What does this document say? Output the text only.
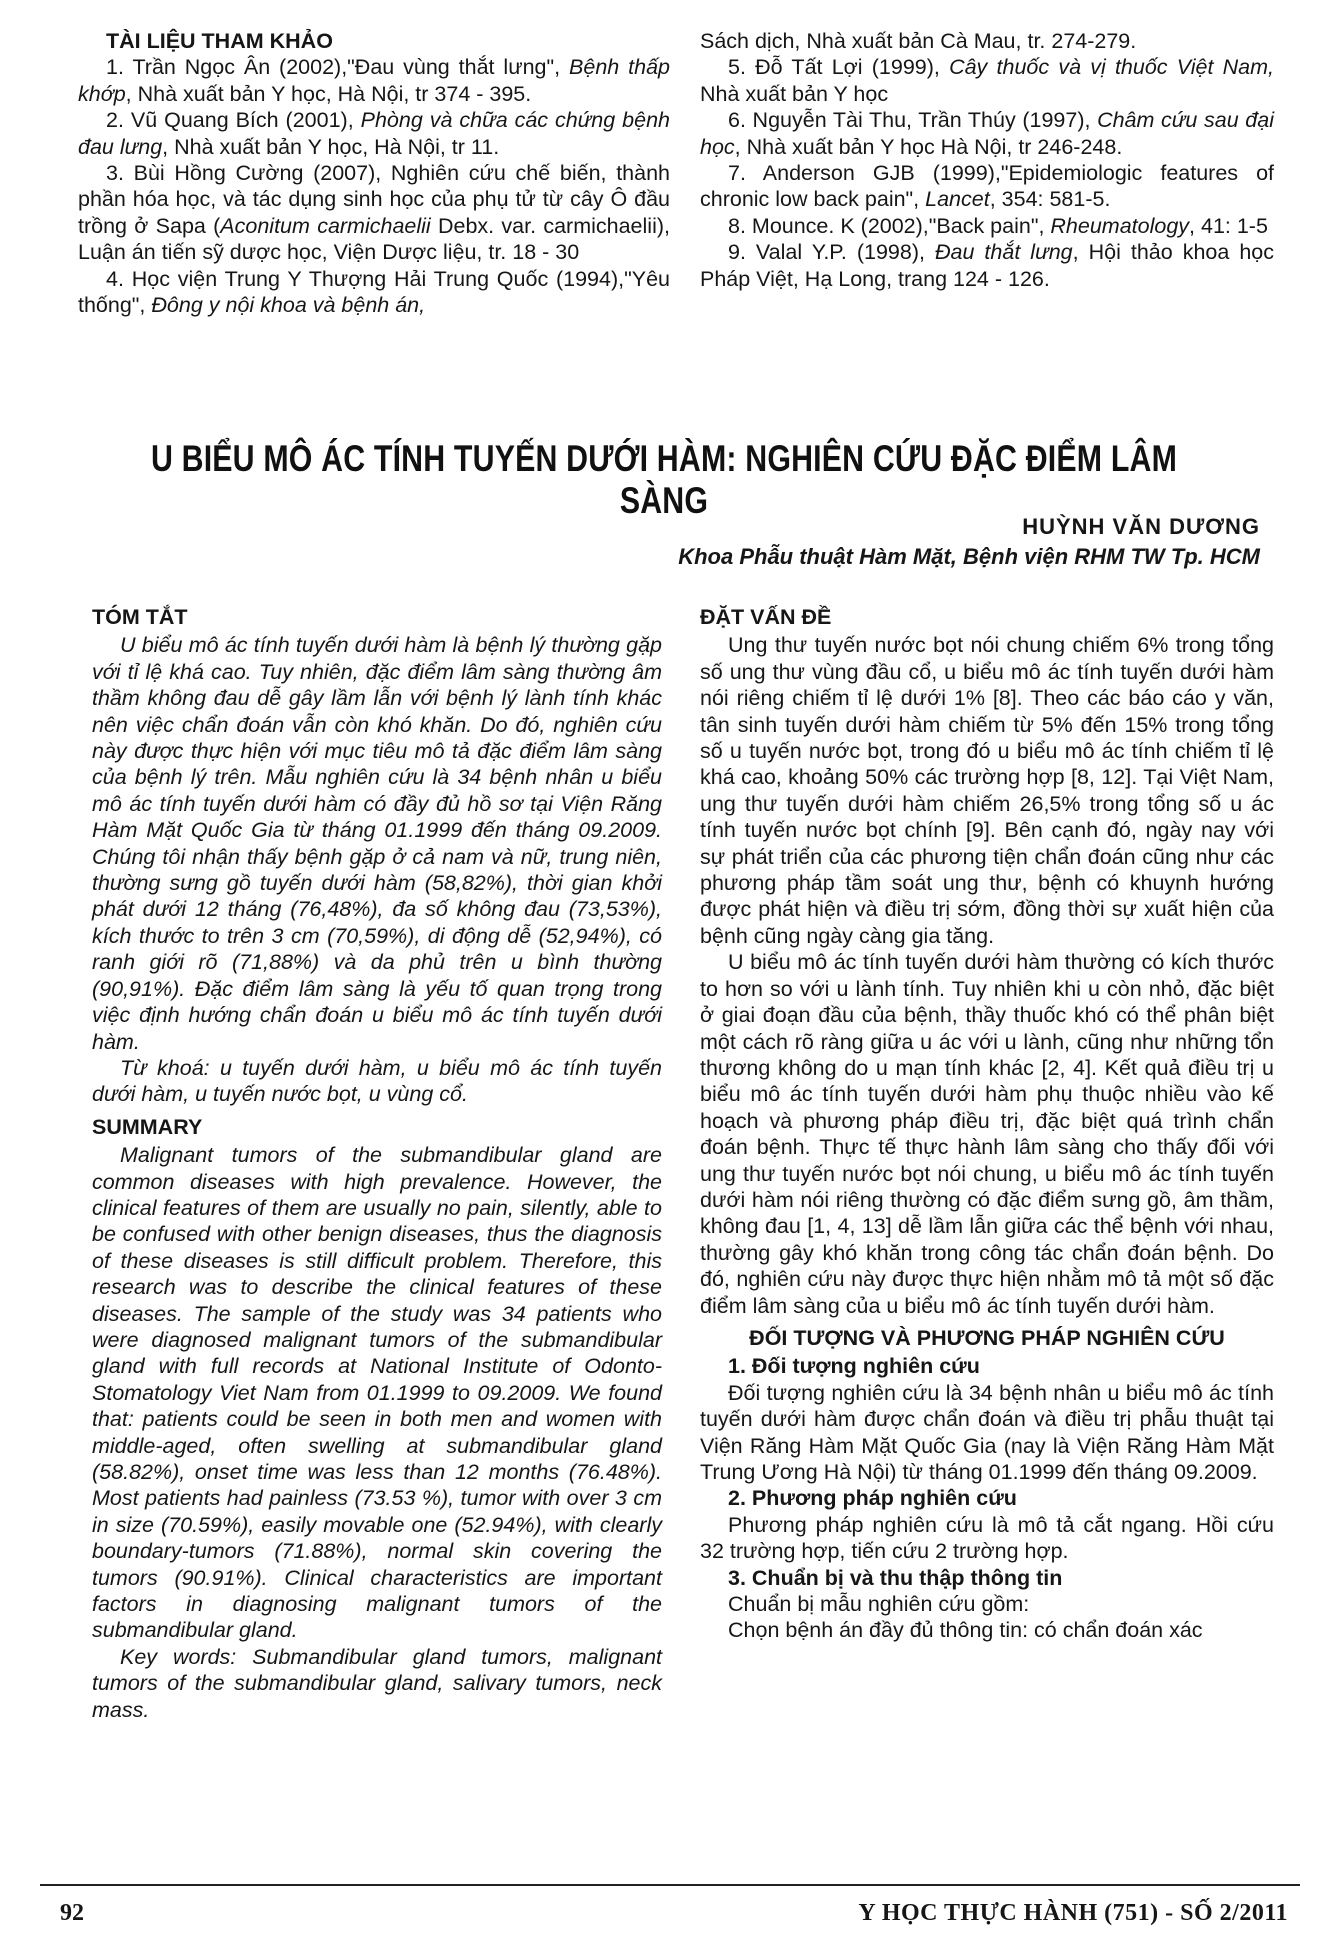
TÀI LIỆU THAM KHẢO

1. Trần Ngọc Ân (2002),"Đau vùng thắt lưng", Bệnh thấp khớp, Nhà xuất bản Y học, Hà Nội, tr 374 - 395.

2. Vũ Quang Bích (2001), Phòng và chữa các chứng bệnh đau lưng, Nhà xuất bản Y học, Hà Nội, tr 11.

3. Bùi Hồng Cường (2007), Nghiên cứu chế biến, thành phần hóa học, và tác dụng sinh học của phụ tử từ cây Ô đầu trồng ở Sapa (Aconitum carmichaelii Debx. var. carmichaelii), Luận án tiến sỹ dược học, Viện Dược liệu, tr. 18 - 30

4. Học viện Trung Y Thượng Hải Trung Quốc (1994),"Yêu thống", Đông y nội khoa và bệnh án,

Sách dịch, Nhà xuất bản Cà Mau, tr. 274-279.

5. Đỗ Tất Lợi (1999), Cây thuốc và vị thuốc Việt Nam, Nhà xuất bản Y học

6. Nguyễn Tài Thu, Trần Thúy (1997), Châm cứu sau đại học, Nhà xuất bản Y học Hà Nội, tr 246-248.

7. Anderson GJB (1999),"Epidemiologic features of chronic low back pain", Lancet, 354: 581-5.

8. Mounce. K (2002),"Back pain", Rheumatology, 41: 1-5

9. Valal Y.P. (1998), Đau thắt lưng, Hội thảo khoa học Pháp Việt, Hạ Long, trang 124 - 126.

U BIỂU MÔ ÁC TÍNH TUYẾN DƯỚI HÀM: NGHIÊN CỨU ĐẶC ĐIỂM LÂM SÀNG
HUỲNH VĂN DƯƠNG
Khoa Phẫu thuật Hàm Mặt, Bệnh viện RHM TW Tp. HCM

TÓM TẮT

U biểu mô ác tính tuyến dưới hàm là bệnh lý thường gặp với tỉ lệ khá cao. Tuy nhiên, đặc điểm lâm sàng thường âm thầm không đau dễ gây lầm lẫn với bệnh lý lành tính khác nên việc chẩn đoán vẫn còn khó khăn. Do đó, nghiên cứu này được thực hiện với mục tiêu mô tả đặc điểm lâm sàng của bệnh lý trên. Mẫu nghiên cứu là 34 bệnh nhân u biểu mô ác tính tuyến dưới hàm có đầy đủ hồ sơ tại Viện Răng Hàm Mặt Quốc Gia từ tháng 01.1999 đến tháng 09.2009. Chúng tôi nhận thấy bệnh gặp ở cả nam và nữ, trung niên, thường sưng gồ tuyến dưới hàm (58,82%), thời gian khởi phát dưới 12 tháng (76,48%), đa số không đau (73,53%), kích thước to trên 3 cm (70,59%), di động dễ (52,94%), có ranh giới rõ (71,88%) và da phủ trên u bình thường (90,91%). Đặc điểm lâm sàng là yếu tố quan trọng trong việc định hướng chẩn đoán u biểu mô ác tính tuyến dưới hàm.

Từ khoá: u tuyến dưới hàm, u biểu mô ác tính tuyến dưới hàm, u tuyến nước bọt, u vùng cổ.

SUMMARY

Malignant tumors of the submandibular gland are common diseases with high prevalence. However, the clinical features of them are usually no pain, silently, able to be confused with other benign diseases, thus the diagnosis of these diseases is still difficult problem. Therefore, this research was to describe the clinical features of these diseases. The sample of the study was 34 patients who were diagnosed malignant tumors of the submandibular gland with full records at National Institute of Odonto-Stomatology Viet Nam from 01.1999 to 09.2009. We found that: patients could be seen in both men and women with middle-aged, often swelling at submandibular gland (58.82%), onset time was less than 12 months (76.48%). Most patients had painless (73.53 %), tumor with over 3 cm in size (70.59%), easily movable one (52.94%), with clearly boundary-tumors (71.88%), normal skin covering the tumors (90.91%). Clinical characteristics are important factors in diagnosing malignant tumors of the submandibular gland.

Key words: Submandibular gland tumors, malignant tumors of the submandibular gland, salivary tumors, neck mass.

ĐẶT VẤN ĐỀ

Ung thư tuyến nước bọt nói chung chiếm 6% trong tổng số ung thư vùng đầu cổ, u biểu mô ác tính tuyến dưới hàm nói riêng chiếm tỉ lệ dưới 1% [8]. Theo các báo cáo y văn, tân sinh tuyến dưới hàm chiếm từ 5% đến 15% trong tổng số u tuyến nước bọt, trong đó u biểu mô ác tính chiếm tỉ lệ khá cao, khoảng 50% các trường hợp [8, 12]. Tại Việt Nam, ung thư tuyến dưới hàm chiếm 26,5% trong tổng số u ác tính tuyến nước bọt chính [9]. Bên cạnh đó, ngày nay với sự phát triển của các phương tiện chẩn đoán cũng như các phương pháp tầm soát ung thư, bệnh có khuynh hướng được phát hiện và điều trị sớm, đồng thời sự xuất hiện của bệnh cũng ngày càng gia tăng.

U biểu mô ác tính tuyến dưới hàm thường có kích thước to hơn so với u lành tính. Tuy nhiên khi u còn nhỏ, đặc biệt ở giai đoạn đầu của bệnh, thầy thuốc khó có thể phân biệt một cách rõ ràng giữa u ác với u lành, cũng như những tổn thương không do u mạn tính khác [2, 4]. Kết quả điều trị u biểu mô ác tính tuyến dưới hàm phụ thuộc nhiều vào kế hoạch và phương pháp điều trị, đặc biệt quá trình chẩn đoán bệnh. Thực tế thực hành lâm sàng cho thấy đối với ung thư tuyến nước bọt nói chung, u biểu mô ác tính tuyến dưới hàm nói riêng thường có đặc điểm sưng gồ, âm thầm, không đau [1, 4, 13] dễ lầm lẫn giữa các thể bệnh với nhau, thường gây khó khăn trong công tác chẩn đoán bệnh. Do đó, nghiên cứu này được thực hiện nhằm mô tả một số đặc điểm lâm sàng của u biểu mô ác tính tuyến dưới hàm.

ĐỐI TƯỢNG VÀ PHƯƠNG PHÁP NGHIÊN CỨU

1. Đối tượng nghiên cứu

Đối tượng nghiên cứu là 34 bệnh nhân u biểu mô ác tính tuyến dưới hàm được chẩn đoán và điều trị phẫu thuật tại Viện Răng Hàm Mặt Quốc Gia (nay là Viện Răng Hàm Mặt Trung Ương Hà Nội) từ tháng 01.1999 đến tháng 09.2009.

2. Phương pháp nghiên cứu

Phương pháp nghiên cứu là mô tả cắt ngang. Hồi cứu 32 trường hợp, tiến cứu 2 trường hợp.

3. Chuẩn bị và thu thập thông tin

Chuẩn bị mẫu nghiên cứu gồm:

Chọn bệnh án đầy đủ thông tin: có chẩn đoán xác

92	Y HỌC THỰC HÀNH (751) - SỐ 2/2011
